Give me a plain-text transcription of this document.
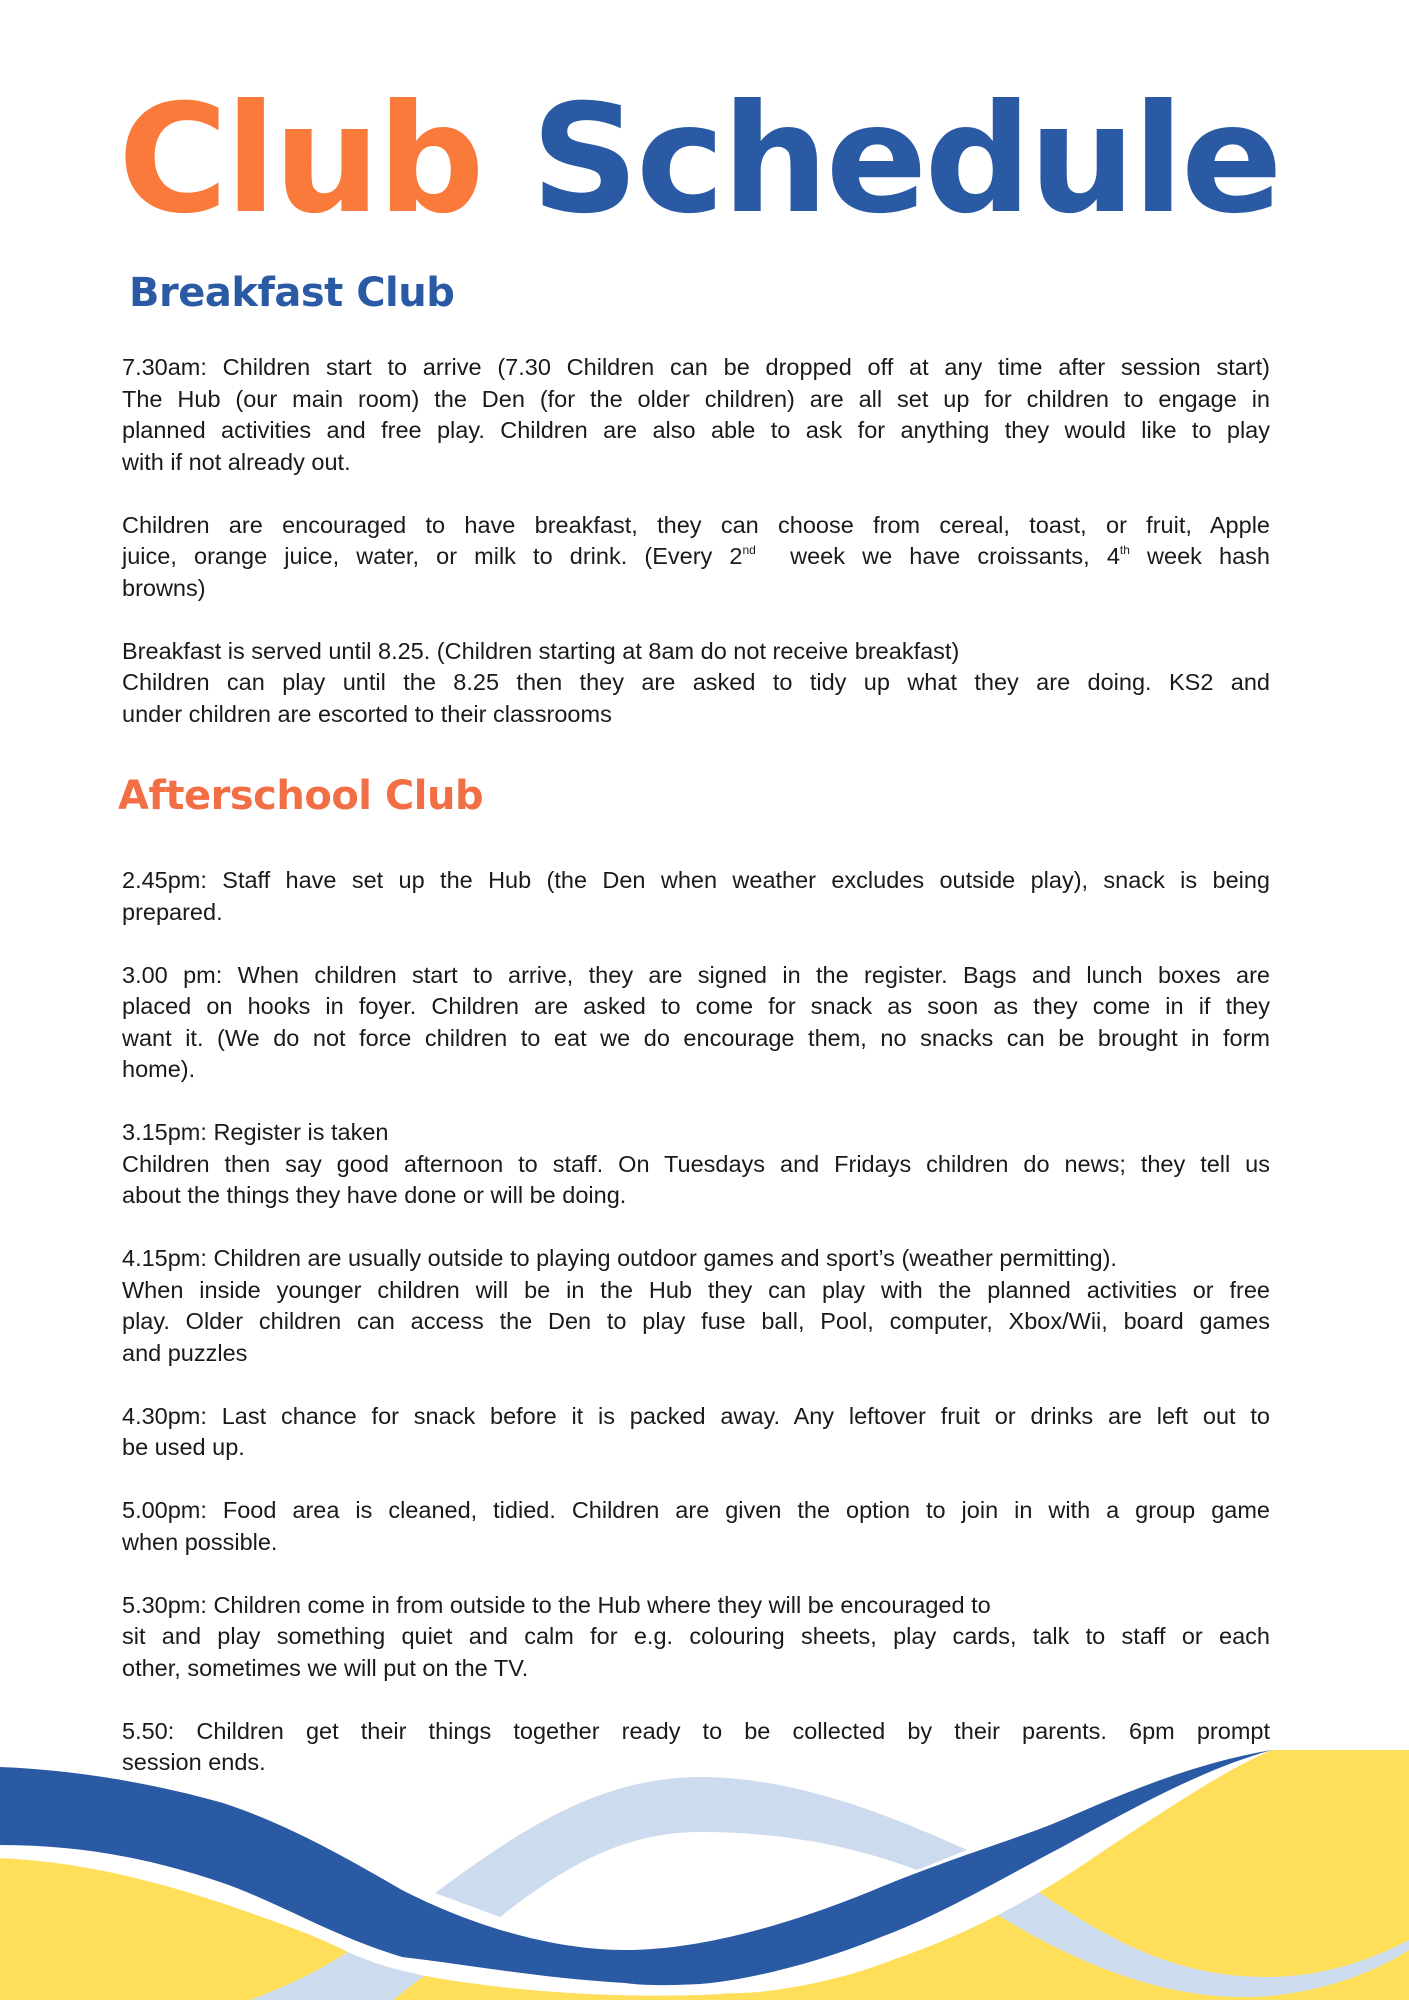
Club Schedule
Breakfast Club

7.30am: Children start to arrive (7.30 Children can be dropped off at any time after session start)
The Hub (our main room) the Den (for the older children) are all set up for children to engage in
planned activities and free play. Children are also able to ask for anything they would like to play
with if not already out.

Children are encouraged to have breakfast, they can choose from cereal, toast, or fruit, Apple
juice, orange juice, water, or milk to drink. (Every 2nd  week we have croissants, 4th week hash
browns)

Breakfast is served until 8.25. (Children starting at 8am do not receive breakfast)
Children can play until the 8.25 then they are asked to tidy up what they are doing. KS2 and
under children are escorted to their classrooms

Afterschool Club

2.45pm: Staff have set up the Hub (the Den when weather excludes outside play), snack is being
prepared.

3.00 pm: When children start to arrive, they are signed in the register. Bags and lunch boxes are
placed on hooks in foyer. Children are asked to come for snack as soon as they come in if they
want it. (We do not force children to eat we do encourage them, no snacks can be brought in form
home).

3.15pm: Register is taken
Children then say good afternoon to staff. On Tuesdays and Fridays children do news; they tell us
about the things they have done or will be doing.

4.15pm: Children are usually outside to playing outdoor games and sport’s (weather permitting).
When inside younger children will be in the Hub they can play with the planned activities or free
play. Older children can access the Den to play fuse ball, Pool, computer, Xbox/Wii, board games
and puzzles

4.30pm: Last chance for snack before it is packed away. Any leftover fruit or drinks are left out to
be used up.

5.00pm: Food area is cleaned, tidied. Children are given the option to join in with a group game
when possible.

5.30pm: Children come in from outside to the Hub where they will be encouraged to
sit and play something quiet and calm for e.g. colouring sheets, play cards, talk to staff or each
other, sometimes we will put on the TV.

5.50: Children get their things together ready to be collected by their parents. 6pm prompt
session ends.
